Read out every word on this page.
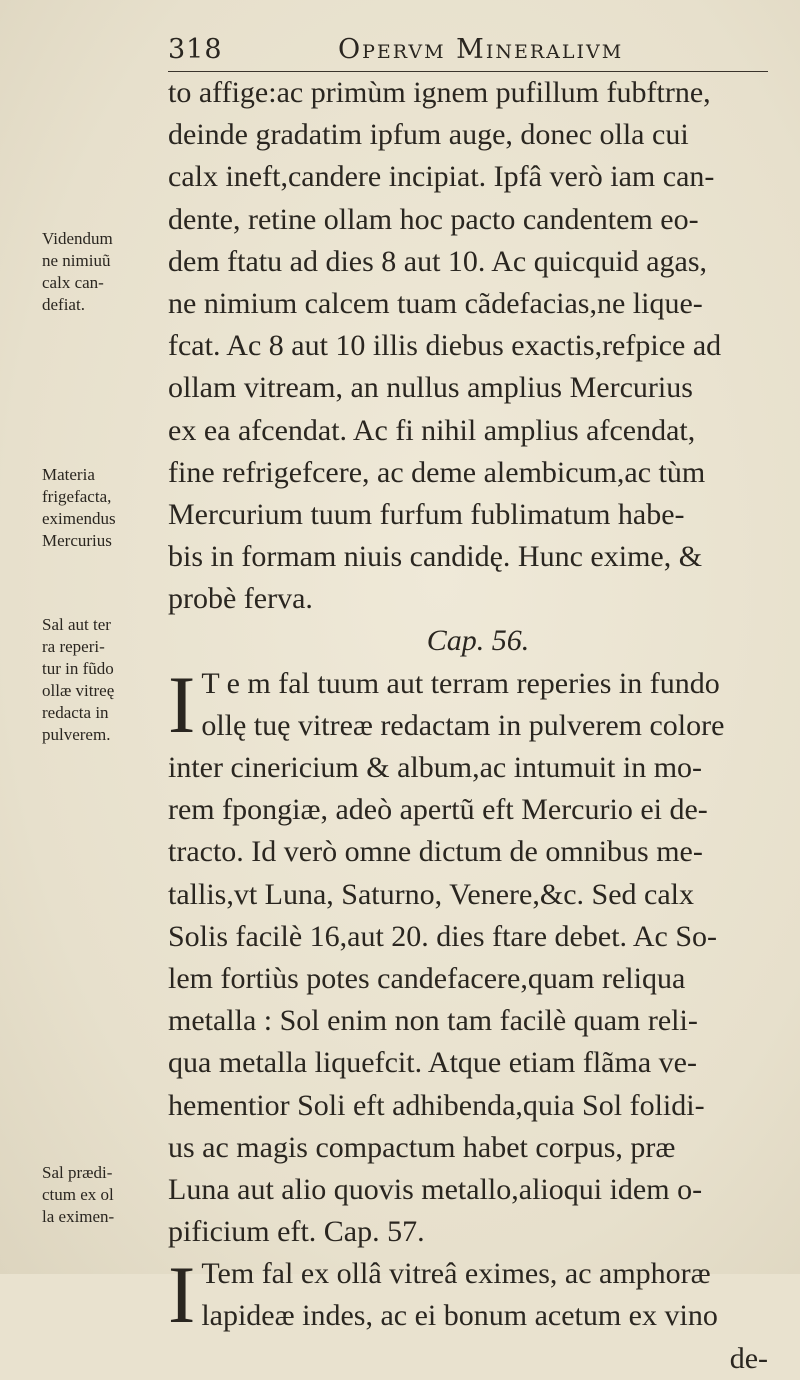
318	Opervm Mineralivm
to affige:ac primùm ignem pufillum fubftrne,
deinde gradatim ipfum auge, donec olla cui
calx ineft,candere incipiat. Ipfâ verò iam can-
dente, retine ollam hoc pacto candentem eo-
dem ftatu ad dies 8 aut 10. Ac quicquid agas,
ne nimium calcem tuam cãdefacias,ne lique-
fcat. Ac 8 aut 10 illis diebus exactis,refpice ad
ollam vitream, an nullus amplius Mercurius
ex ea afcendat. Ac fi nihil amplius afcendat,
fine refrigefcere, ac deme alembicum,ac tùm
Mercurium tuum furfum fublimatum habe-
bis in formam niuis candidę. Hunc exime, &
probè ferva.
Cap. 56.
I T e m fal tuum aut terram reperies in fundo
ollę tuę vitreæ redactam in pulverem colore
inter cinericium & album,ac intumuit in mo-
rem fpongiæ, adeò apertũ eft Mercurio ei de-
tracto. Id verò omne dictum de omnibus me-
tallis,vt Luna, Saturno, Venere,&c. Sed calx
Solis facilè 16,aut 20. dies ftare debet. Ac So-
lem fortiùs potes candefacere,quam reliqua
metalla : Sol enim non tam facilè quam reli-
qua metalla liquefcit. Atque etiam flãma ve-
hementior Soli eft adhibenda,quia Sol folidi-
us ac magis compactum habet corpus, præ
Luna aut alio quovis metallo,alioqui idem o-
pificium eft. Cap. 57.
I Tem fal ex ollâ vitreâ eximes, ac amphoræ
lapideæ indes, ac ei bonum acetum ex vino
de-
Videndum
ne nimiuũ
calx can-
defiat.
Materia
frigefacta,
eximendus
Mercurius
Sal aut ter
ra reperi-
tur in fũdo
ollæ vitreę
redacta in
pulverem.
Sal prædi-
ctum ex ol
la eximen-
